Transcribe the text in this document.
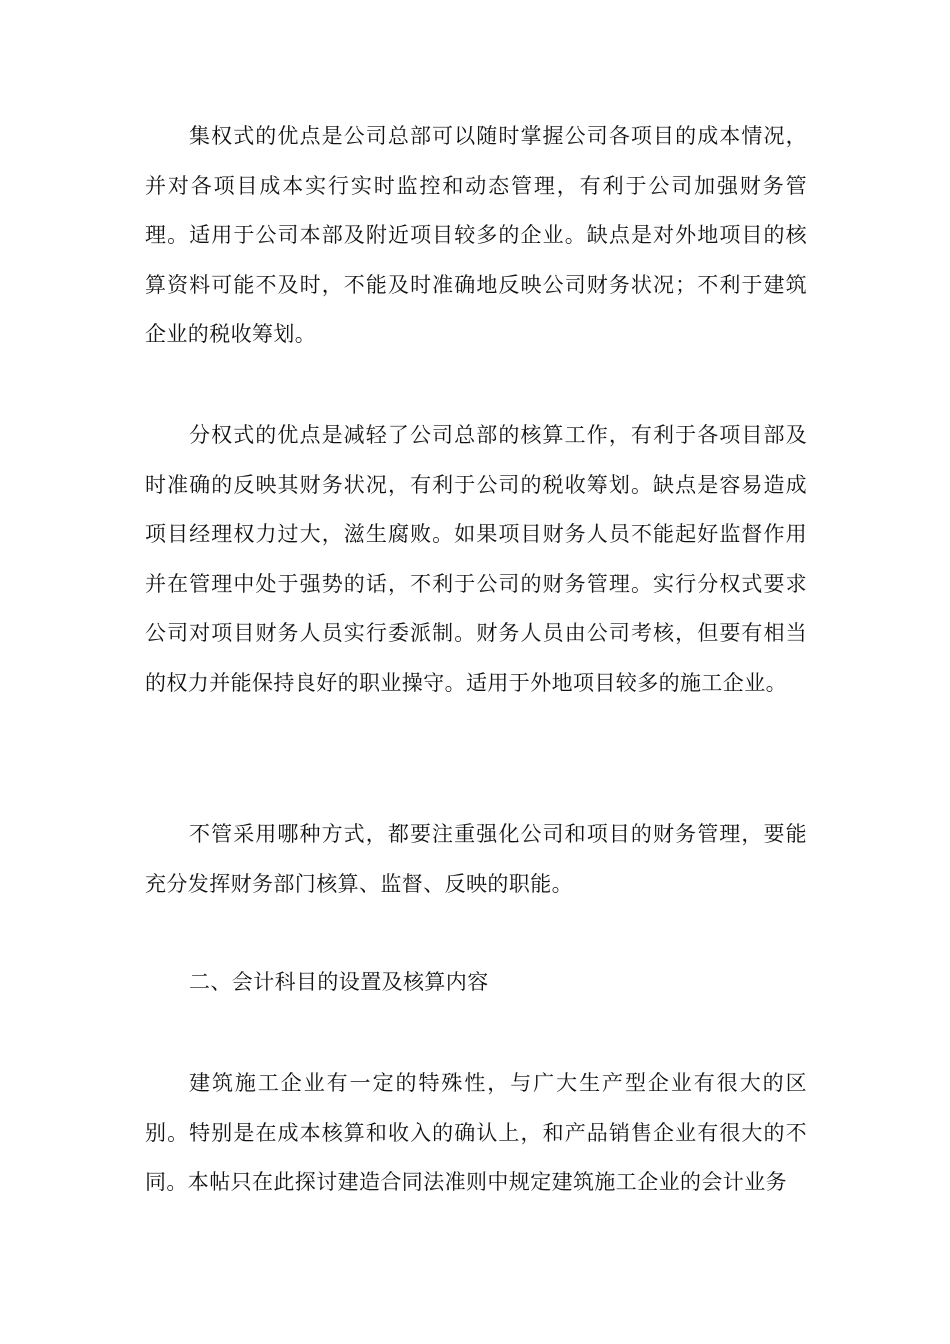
集权式的优点是公司总部可以随时掌握公司各项目的成本情况，并对各项目成本实行实时监控和动态管理，有利于公司加强财务管理。适用于公司本部及附近项目较多的企业。缺点是对外地项目的核算资料可能不及时，不能及时准确地反映公司财务状况；不利于建筑企业的税收筹划。

分权式的优点是减轻了公司总部的核算工作，有利于各项目部及时准确的反映其财务状况，有利于公司的税收筹划。缺点是容易造成项目经理权力过大，滋生腐败。如果项目财务人员不能起好监督作用并在管理中处于强势的话，不利于公司的财务管理。实行分权式要求公司对项目财务人员实行委派制。财务人员由公司考核，但要有相当的权力并能保持良好的职业操守。适用于外地项目较多的施工企业。

不管采用哪种方式，都要注重强化公司和项目的财务管理，要能充分发挥财务部门核算、监督、反映的职能。

二、会计科目的设置及核算内容

建筑施工企业有一定的特殊性，与广大生产型企业有很大的区别。特别是在成本核算和收入的确认上，和产品销售企业有很大的不同。本帖只在此探讨建造合同法准则中规定建筑施工企业的会计业务
